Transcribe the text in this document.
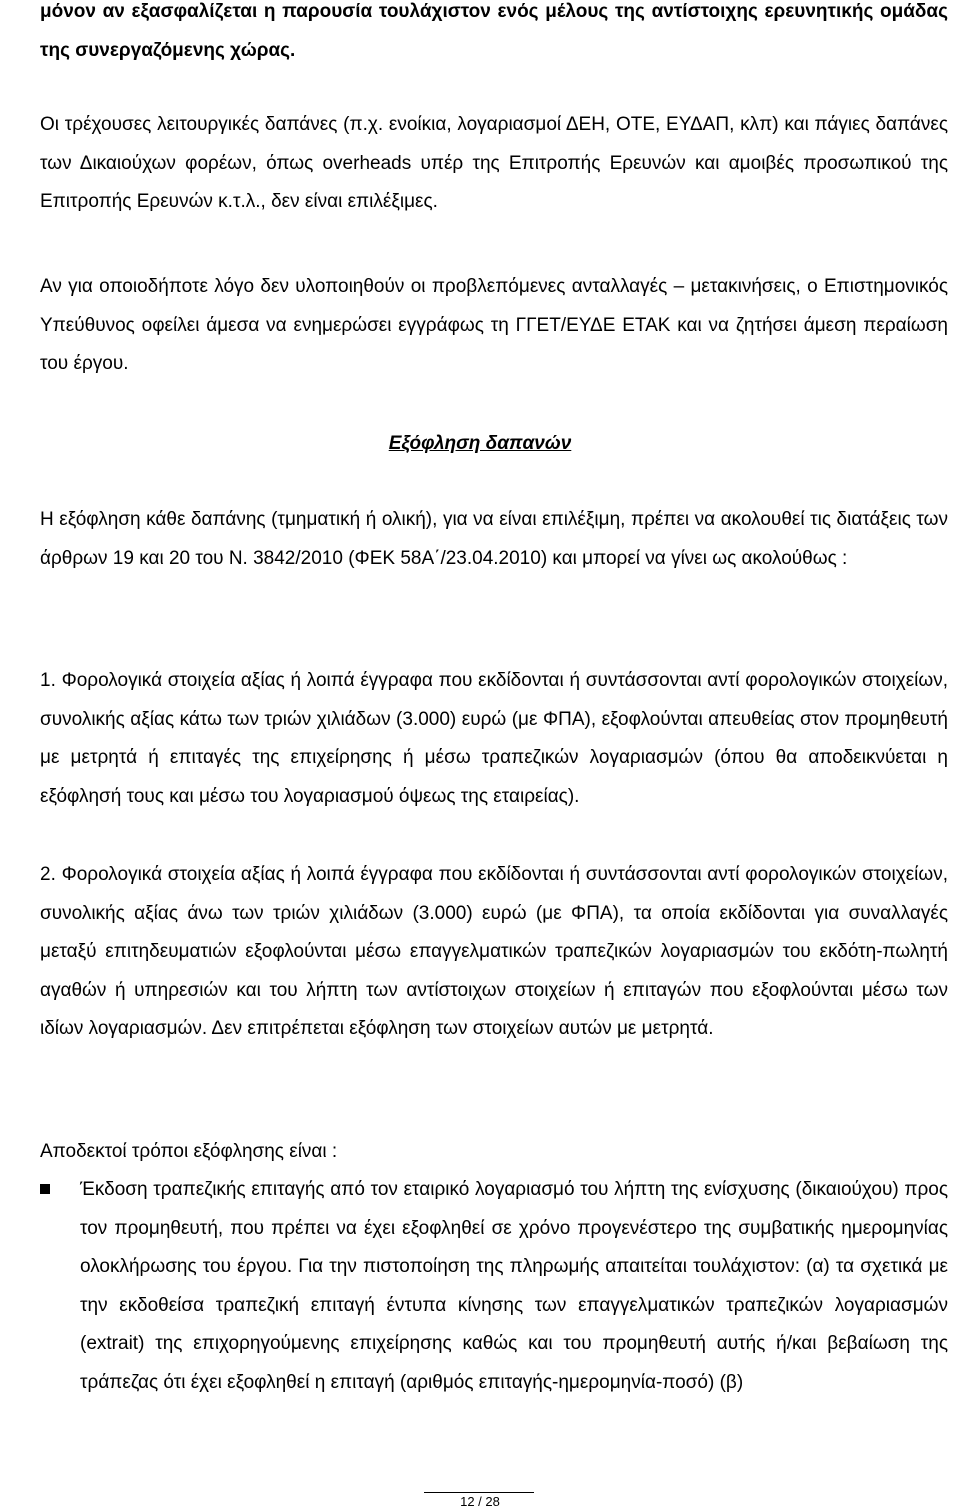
μόνον αν εξασφαλίζεται η παρουσία τουλάχιστον ενός μέλους της αντίστοιχης ερευνητικής ομάδας της συνεργαζόμενης χώρας.

Οι τρέχουσες λειτουργικές δαπάνες (π.χ. ενοίκια, λογαριασμοί ΔΕΗ, ΟΤΕ, ΕΥΔΑΠ, κλπ) και πάγιες δαπάνες των Δικαιούχων φορέων, όπως overheads υπέρ της Επιτροπής Ερευνών και αμοιβές προσωπικού της Επιτροπής Ερευνών κ.τ.λ., δεν είναι επιλέξιμες.

Αν για οποιοδήποτε λόγο δεν υλοποιηθούν οι προβλεπόμενες ανταλλαγές – μετακινήσεις, ο Επιστημονικός Υπεύθυνος οφείλει άμεσα να ενημερώσει εγγράφως τη ΓΓΕΤ/ΕΥΔΕ ΕΤΑΚ και να ζητήσει άμεση περαίωση του έργου.

Εξόφληση δαπανών

Η εξόφληση κάθε δαπάνης (τμηματική ή ολική), για να είναι επιλέξιμη, πρέπει να ακολουθεί τις διατάξεις των άρθρων 19 και 20 του Ν. 3842/2010 (ΦΕΚ 58Α΄/23.04.2010) και μπορεί να γίνει ως ακολούθως :

1. Φορολογικά στοιχεία αξίας ή λοιπά έγγραφα που εκδίδονται ή συντάσσονται αντί φορολογικών στοιχείων, συνολικής αξίας κάτω των τριών χιλιάδων (3.000) ευρώ (με ΦΠΑ), εξοφλούνται απευθείας στον προμηθευτή με μετρητά ή επιταγές της επιχείρησης ή μέσω τραπεζικών λογαριασμών (όπου θα αποδεικνύεται η εξόφλησή τους και μέσω του λογαριασμού όψεως της εταιρείας).

2. Φορολογικά στοιχεία αξίας ή λοιπά έγγραφα που εκδίδονται ή συντάσσονται αντί φορολογικών στοιχείων, συνολικής αξίας άνω των τριών χιλιάδων (3.000) ευρώ (με ΦΠΑ), τα οποία εκδίδονται για συναλλαγές μεταξύ επιτηδευματιών εξοφλούνται μέσω επαγγελματικών τραπεζικών λογαριασμών του εκδότη-πωλητή αγαθών ή υπηρεσιών και του λήπτη των αντίστοιχων στοιχείων ή επιταγών που εξοφλούνται μέσω των ιδίων λογαριασμών. Δεν επιτρέπεται εξόφληση των στοιχείων αυτών με μετρητά.

Αποδεκτοί τρόποι εξόφλησης είναι :

Έκδοση τραπεζικής επιταγής από τον εταιρικό λογαριασμό του λήπτη της ενίσχυσης (δικαιούχου) προς τον προμηθευτή, που πρέπει να έχει εξοφληθεί σε χρόνο προγενέστερο της συμβατικής ημερομηνίας ολοκλήρωσης του έργου. Για την πιστοποίηση της πληρωμής απαιτείται τουλάχιστον: (α) τα σχετικά με την εκδοθείσα τραπεζική επιταγή έντυπα κίνησης των επαγγελματικών τραπεζικών λογαριασμών (extrait) της επιχορηγούμενης επιχείρησης καθώς και του προμηθευτή αυτής ή/και βεβαίωση της τράπεζας ότι έχει εξοφληθεί η επιταγή (αριθμός επιταγής-ημερομηνία-ποσό) (β)

12 / 28
